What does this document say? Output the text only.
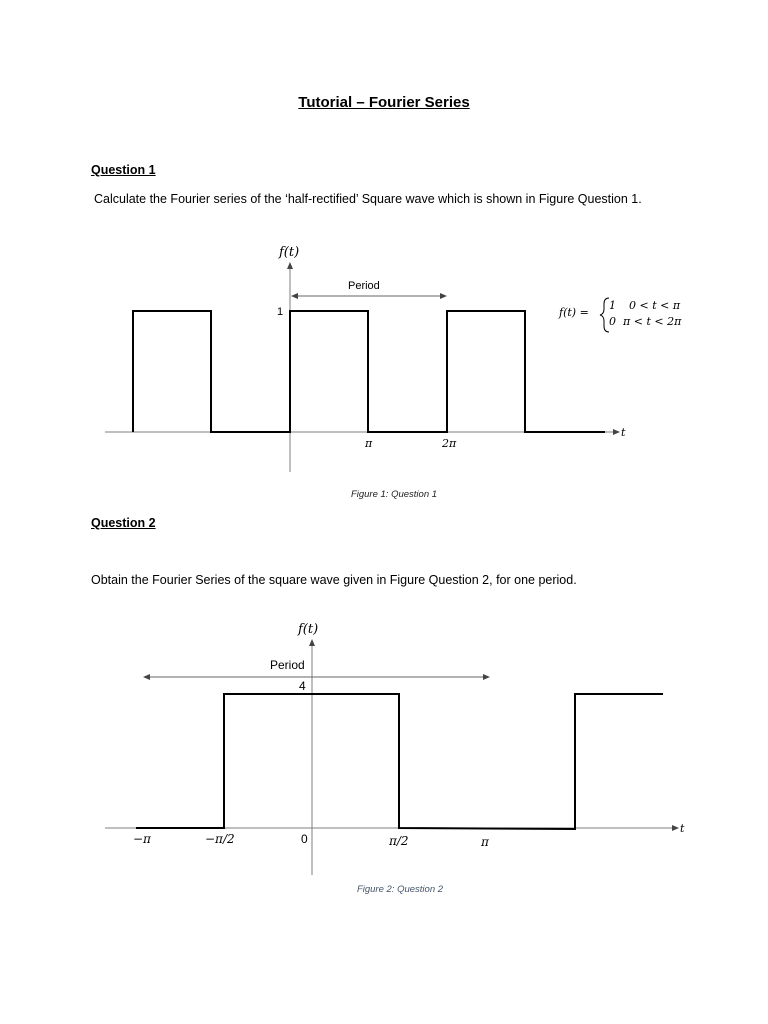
Tutorial – Fourier Series
Question 1
Calculate the Fourier series of the ‘half-rectified’ Square wave which is shown in Figure Question 1.
f(t)
t
Period
1
π	2π
f(t) =
1 0 < t < π
0 π < t < 2π
f(t)
t
Period
4
−π	−π/2	0	π/2	π
Figure 1: Question 1
Question 2
Obtain the Fourier Series of the square wave given in Figure Question 2, for one period.
Figure 2: Question 2
